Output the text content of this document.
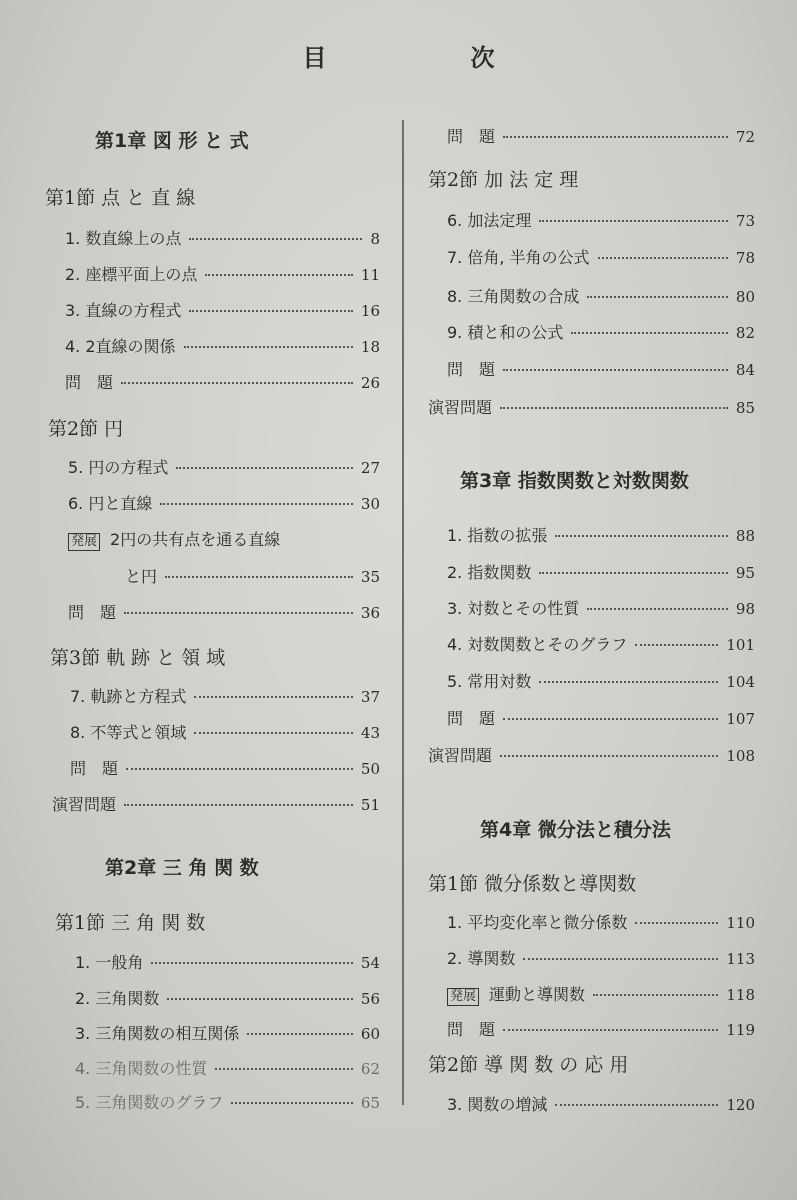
目　次
第1章 図 形 と 式
第1節 点 と 直 線
1. 数直線上の点	8
2. 座標平面上の点	11
3. 直線の方程式	16
4. 2直線の関係	18
問　題	26
第2節 円
5. 円の方程式	27
6. 円と直線	30
発展 2円の共有点を通る直線
と円	35
問　題	36
第3節 軌 跡 と 領 域
7. 軌跡と方程式	37
8. 不等式と領域	43
問　題	50
演習問題	51
第2章 三 角 関 数
第1節 三 角 関 数
1. 一般角	54
2. 三角関数	56
3. 三角関数の相互関係	60
4. 三角関数の性質	62
5. 三角関数のグラフ	65
問　題	72
第2節 加 法 定 理
6. 加法定理	73
7. 倍角, 半角の公式	78
8. 三角関数の合成	80
9. 積と和の公式	82
問　題	84
演習問題	85
第3章 指数関数と対数関数
1. 指数の拡張	88
2. 指数関数	95
3. 対数とその性質	98
4. 対数関数とそのグラフ	101
5. 常用対数	104
問　題	107
演習問題	108
第4章 微分法と積分法
第1節 微分係数と導関数
1. 平均変化率と微分係数	110
2. 導関数	113
発展 運動と導関数	118
問　題	119
第2節 導 関 数 の 応 用
3. 関数の増減	120
